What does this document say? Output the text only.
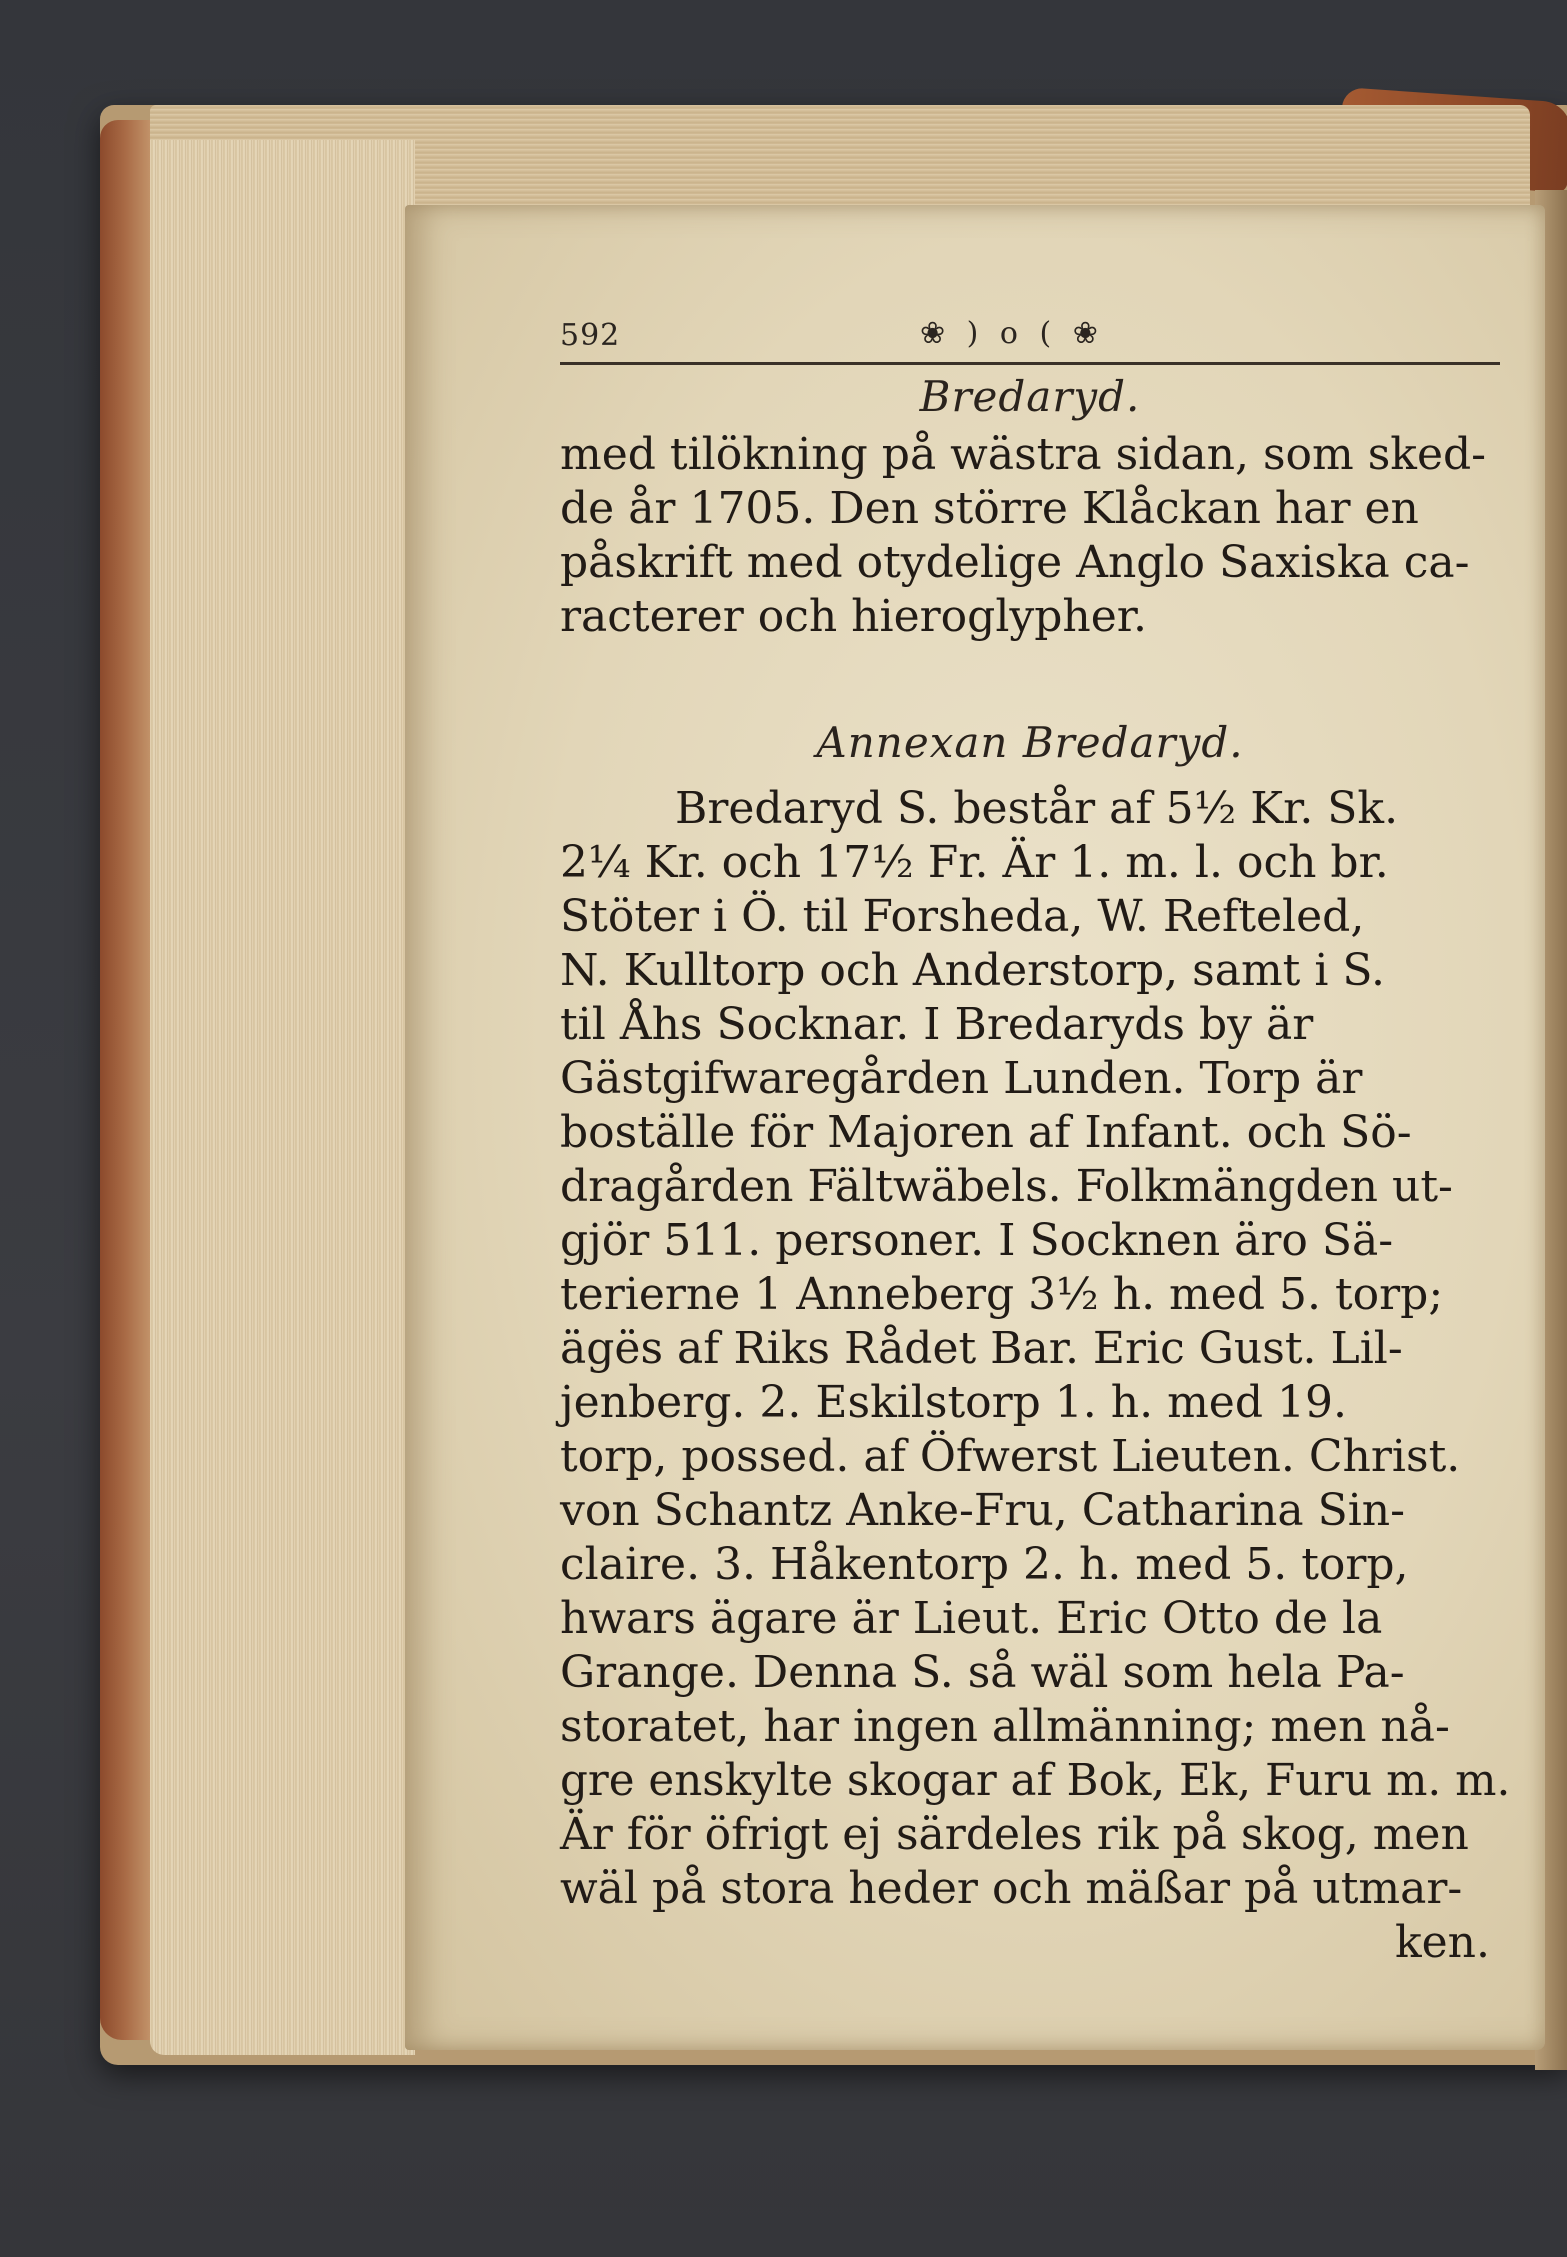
592	❀ ) o ( ❀
Bredaryd.
med tilökning på wästra sidan, som sked-
de år 1705. Den större Klåckan har en
påskrift med otydelige Anglo Saxiska ca-
racterer och hieroglypher.
Annexan Bredaryd.
Bredaryd S. består af 5½ Kr. Sk.
2¼ Kr. och 17½ Fr. Är 1. m. l. och br.
Stöter i Ö. til Forsheda, W. Refteled,
N. Kulltorp och Anderstorp, samt i S.
til Åhs Socknar. I Bredaryds by är
Gästgifwaregården Lunden. Torp är
boställe för Majoren af Infant. och Sö-
dragården Fältwäbels. Folkmängden ut-
gjör 511. personer. I Socknen äro Sä-
terierne 1 Anneberg 3½ h. med 5. torp;
ägës af Riks Rådet Bar. Eric Gust. Lil-
jenberg. 2. Eskilstorp 1. h. med 19.
torp, possed. af Öfwerst Lieuten. Christ.
von Schantz Anke-Fru, Catharina Sin-
claire. 3. Håkentorp 2. h. med 5. torp,
hwars ägare är Lieut. Eric Otto de la
Grange. Denna S. så wäl som hela Pa-
storatet, har ingen allmänning; men nå-
gre enskylte skogar af Bok, Ek, Furu m. m.
Är för öfrigt ej särdeles rik på skog, men
wäl på stora heder och mäßar på utmar-
ken.
